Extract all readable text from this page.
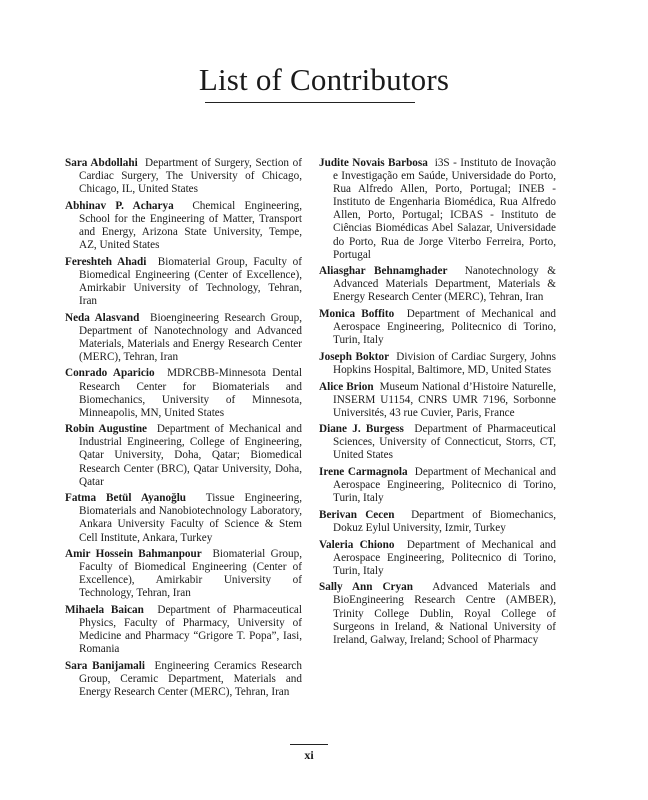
List of Contributors

Sara Abdollahi Department of Surgery, Section of Cardiac Surgery, The University of Chicago, Chicago, IL, United States

Abhinav P. Acharya Chemical Engineering, School for the Engineering of Matter, Transport and Energy, Arizona State University, Tempe, AZ, United States

Fereshteh Ahadi Biomaterial Group, Faculty of Biomedical Engineering (Center of Excellence), Amirkabir University of Technology, Tehran, Iran

Neda Alasvand Bioengineering Research Group, Department of Nanotechnology and Advanced Materials, Materials and Energy Research Center (MERC), Tehran, Iran

Conrado Aparicio MDRCBB-Minnesota Dental Research Center for Biomaterials and Biomechanics, University of Minnesota, Minneapolis, MN, United States

Robin Augustine Department of Mechanical and Industrial Engineering, College of Engineering, Qatar University, Doha, Qatar; Biomedical Research Center (BRC), Qatar University, Doha, Qatar

Fatma Betül Ayanoğlu Tissue Engineering, Biomaterials and Nanobiotechnology Laboratory, Ankara University Faculty of Science & Stem Cell Institute, Ankara, Turkey

Amir Hossein Bahmanpour Biomaterial Group, Faculty of Biomedical Engineering (Center of Excellence), Amirkabir University of Technology, Tehran, Iran

Mihaela Baican Department of Pharmaceutical Physics, Faculty of Pharmacy, University of Medicine and Pharmacy “Grigore T. Popa”, Iasi, Romania

Sara Banijamali Engineering Ceramics Research Group, Ceramic Department, Materials and Energy Research Center (MERC), Tehran, Iran

Judite Novais Barbosa i3S - Instituto de Inovação e Investigação em Saúde, Universidade do Porto, Rua Alfredo Allen, Porto, Portugal; INEB - Instituto de Engenharia Biomédica, Rua Alfredo Allen, Porto, Portugal; ICBAS - Instituto de Ciências Biomédicas Abel Salazar, Universidade do Porto, Rua de Jorge Viterbo Ferreira, Porto, Portugal

Aliasghar Behnamghader Nanotechnology & Advanced Materials Department, Materials & Energy Research Center (MERC), Tehran, Iran

Monica Boffito Department of Mechanical and Aerospace Engineering, Politecnico di Torino, Turin, Italy

Joseph Boktor Division of Cardiac Surgery, Johns Hopkins Hospital, Baltimore, MD, United States

Alice Brion Museum National d’Histoire Naturelle, INSERM U1154, CNRS UMR 7196, Sorbonne Universités, 43 rue Cuvier, Paris, France

Diane J. Burgess Department of Pharmaceutical Sciences, University of Connecticut, Storrs, CT, United States

Irene Carmagnola Department of Mechanical and Aerospace Engineering, Politecnico di Torino, Turin, Italy

Berivan Cecen Department of Biomechanics, Dokuz Eylul University, Izmir, Turkey

Valeria Chiono Department of Mechanical and Aerospace Engineering, Politecnico di Torino, Turin, Italy

Sally Ann Cryan Advanced Materials and BioEngineering Research Centre (AMBER), Trinity College Dublin, Royal College of Surgeons in Ireland, & National University of Ireland, Galway, Ireland; School of Pharmacy

xi
